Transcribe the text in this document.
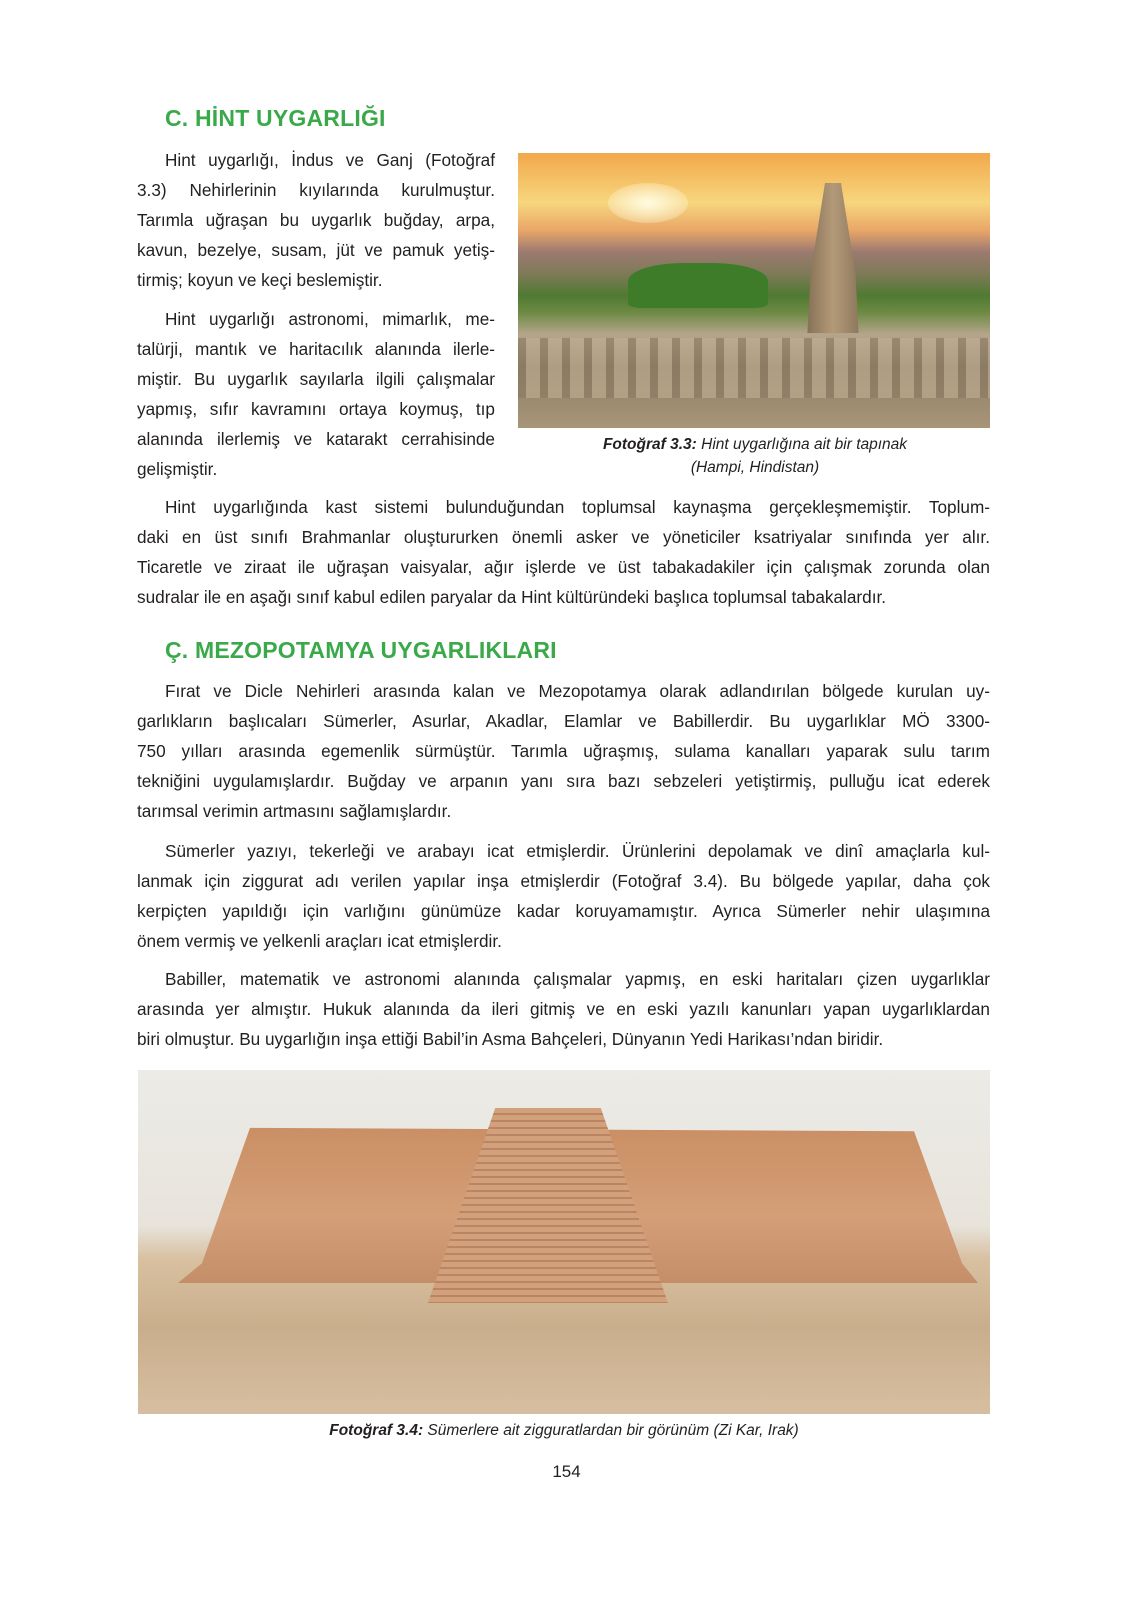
C. HİNT UYGARLIĞI
Hint uygarlığı, İndus ve Ganj (Fotoğraf
3.3) Nehirlerinin kıyılarında kurulmuştur.
Tarımla uğraşan bu uygarlık buğday, arpa,
kavun, bezelye, susam, jüt ve pamuk yetiş-
tirmiş; koyun ve keçi beslemiştir.
Hint uygarlığı astronomi, mimarlık, me-
talürji, mantık ve haritacılık alanında ilerle-
miştir. Bu uygarlık sayılarla ilgili çalışmalar
yapmış, sıfır kavramını ortaya koymuş, tıp
alanında ilerlemiş ve katarakt cerrahisinde
gelişmiştir.
Hint uygarlığında kast sistemi bulunduğundan toplumsal kaynaşma gerçekleşmemiştir. Toplum-
daki en üst sınıfı Brahmanlar oluştururken önemli asker ve yöneticiler ksatriyalar sınıfında yer alır.
Ticaretle ve ziraat ile uğraşan vaisyalar, ağır işlerde ve üst tabakadakiler için çalışmak zorunda olan
sudralar ile en aşağı sınıf kabul edilen paryalar da Hint kültüründeki başlıca toplumsal tabakalardır.
Fırat ve Dicle Nehirleri arasında kalan ve Mezopotamya olarak adlandırılan bölgede kurulan uy-
garlıkların başlıcaları Sümerler, Asurlar, Akadlar, Elamlar ve Babillerdir. Bu uygarlıklar MÖ 3300-
750 yılları arasında egemenlik sürmüştür. Tarımla uğraşmış, sulama kanalları yaparak sulu tarım
tekniğini uygulamışlardır. Buğday ve arpanın yanı sıra bazı sebzeleri yetiştirmiş, pulluğu icat ederek
tarımsal verimin artmasını sağlamışlardır.
Sümerler yazıyı, tekerleği ve arabayı icat etmişlerdir. Ürünlerini depolamak ve dinî amaçlarla kul-
lanmak için ziggurat adı verilen yapılar inşa etmişlerdir (Fotoğraf 3.4). Bu bölgede yapılar, daha çok
kerpiçten yapıldığı için varlığını günümüze kadar koruyamamıştır. Ayrıca Sümerler nehir ulaşımına
önem vermiş ve yelkenli araçları icat etmişlerdir.
Babiller, matematik ve astronomi alanında çalışmalar yapmış, en eski haritaları çizen uygarlıklar
arasında yer almıştır. Hukuk alanında da ileri gitmiş ve en eski yazılı kanunları yapan uygarlıklardan
biri olmuştur. Bu uygarlığın inşa ettiği Babil’in Asma Bahçeleri, Dünyanın Yedi Harikası’ndan biridir.
Fotoğraf 3.3: Hint uygarlığına ait bir tapınak
(Hampi, Hindistan)
Ç. MEZOPOTAMYA UYGARLIKLARI
Fotoğraf 3.4: Sümerlere ait zigguratlardan bir görünüm (Zi Kar, Irak)
154
